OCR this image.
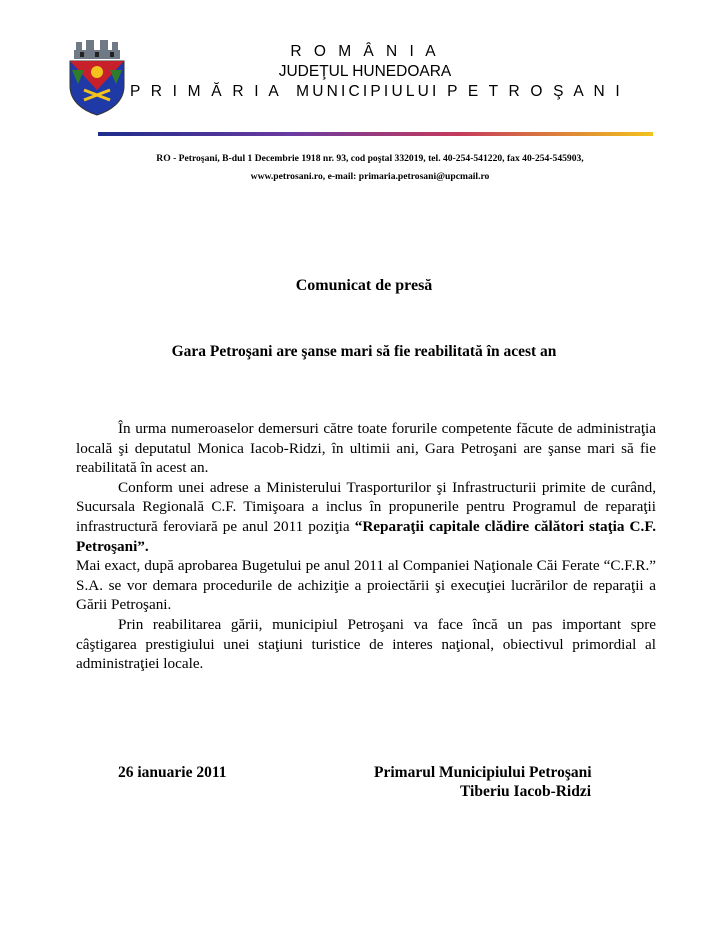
R O M Â N I A
JUDEŢUL HUNEDOARA
P R I M Ă R I A  MUNICIPIULUI P E T R O Ş A N I
RO - Petroşani, B-dul 1 Decembrie 1918 nr. 93, cod poştal 332019, tel. 40-254-541220, fax 40-254-545903,
www.petrosani.ro, e-mail: primaria.petrosani@upcmail.ro
Comunicat de presă
Gara Petroşani are şanse mari să fie reabilitată în acest an

În urma numeroaselor demersuri către toate forurile competente făcute de administraţia locală şi deputatul Monica Iacob-Ridzi, în ultimii ani, Gara Petroşani are şanse mari să fie reabilitată în acest an.

Conform unei adrese a Ministerului Trasporturilor şi Infrastructurii primite de curând, Sucursala Regională C.F. Timişoara a inclus în propunerile pentru Programul de reparaţii infrastructură feroviară pe anul 2011 poziţia “Reparaţii capitale clădire călători staţia C.F. Petroşani”.

Mai exact, după aprobarea Bugetului pe anul 2011 al Companiei Naţionale Căi Ferate “C.F.R.” S.A. se vor demara procedurile de achiziţie a proiectării şi execuţiei lucrărilor de reparaţii a Gării Petroşani.

Prin reabilitarea gării, municipiul Petroşani va face încă un pas important spre câştigarea prestigiului unei staţiuni turistice de interes naţional, obiectivul primordial al administraţiei locale.

26 ianuarie 2011	Primarul Municipiului Petroşani
Tiberiu Iacob-Ridzi
